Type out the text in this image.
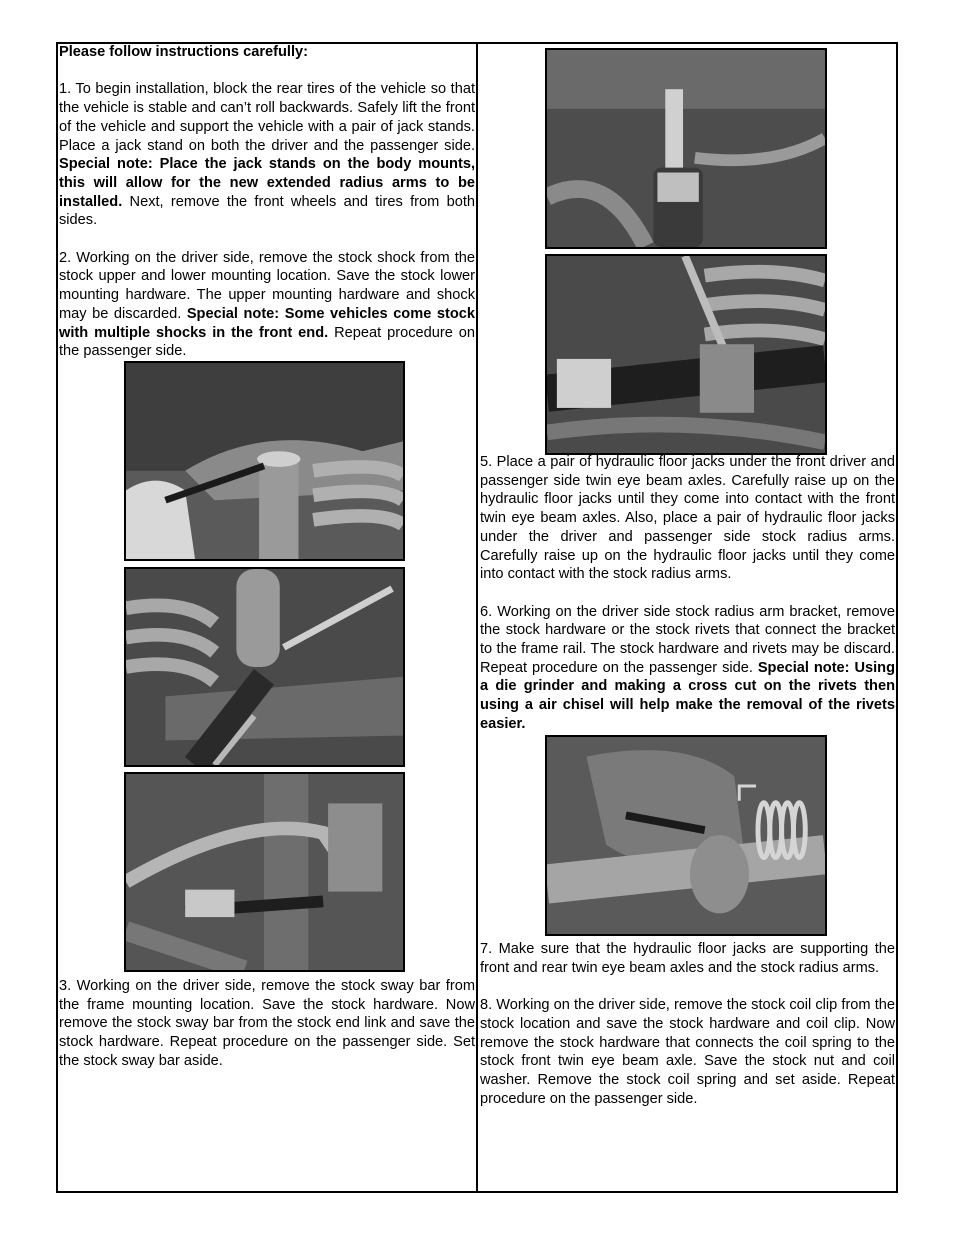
Please follow instructions carefully:

1. To begin installation, block the rear tires of the vehicle so that the vehicle is stable and can’t roll backwards. Safely lift the front of the vehicle and support the vehicle with a pair of jack stands. Place a jack stand on both the driver and the passenger side. Special note: Place the jack stands on the body mounts, this will allow for the new extended radius arms to be installed. Next, remove the front wheels and tires from both sides.

2. Working on the driver side, remove the stock shock from the stock upper and lower mounting location. Save the stock lower mounting hardware. The upper mounting hardware and shock may be discarded. Special note: Some vehicles come stock with multiple shocks in the front end. Repeat procedure on the passenger side.

3. Working on the driver side, remove the stock sway bar from the frame mounting location. Save the stock hardware. Now remove the stock sway bar from the stock end link and save the stock hardware. Repeat procedure on the passenger side. Set the stock sway bar aside.

5. Place a pair of hydraulic floor jacks under the front driver and passenger side twin eye beam axles. Carefully raise up on the hydraulic floor jacks until they come into contact with the front twin eye beam axles. Also, place a pair of hydraulic floor jacks under the driver and passenger side stock radius arms. Carefully raise up on the hydraulic floor jacks until they come into contact with the stock radius arms.

6. Working on the driver side stock radius arm bracket, remove the stock hardware or the stock rivets that connect the bracket to the frame rail. The stock hardware and rivets may be discard. Repeat procedure on the passenger side. Special note: Using a die grinder and making a cross cut on the rivets then using a air chisel will help make the removal of the rivets easier.

7. Make sure that the hydraulic floor jacks are supporting the front and rear twin eye beam axles and the stock radius arms.

8. Working on the driver side, remove the stock coil clip from the stock location and save the stock hardware and coil clip. Now remove the stock hardware that connects the coil spring to the stock front twin eye beam axle. Save the stock nut and coil washer. Remove the stock coil spring and set aside. Repeat procedure on the passenger side.
